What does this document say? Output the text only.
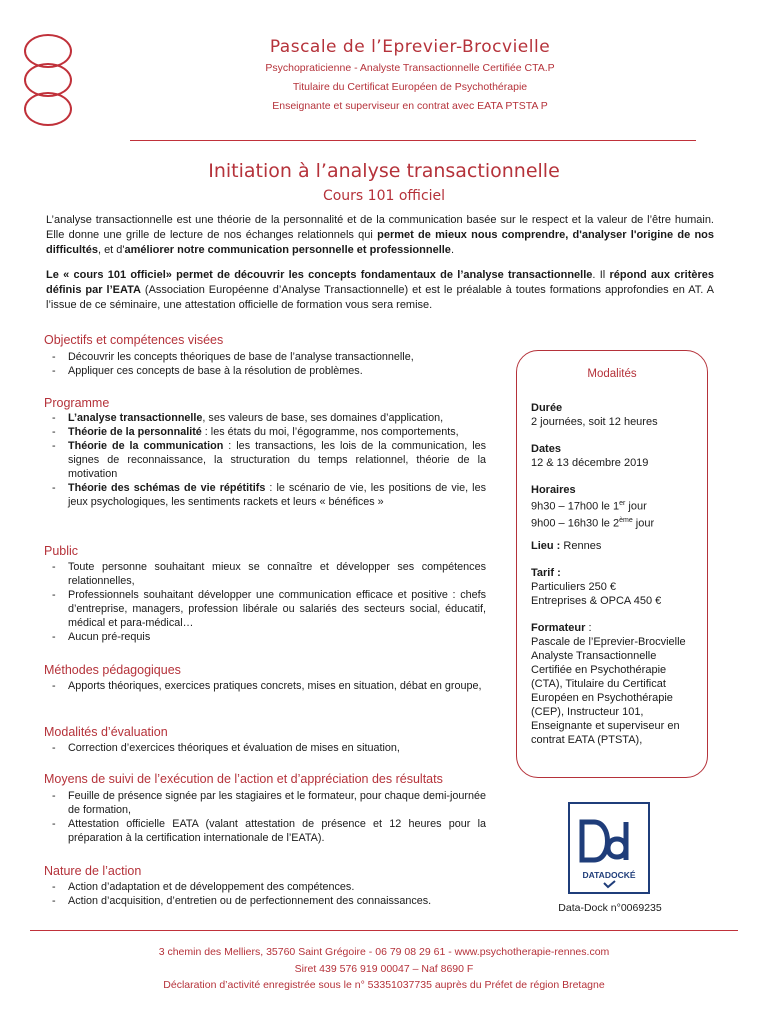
Pascale de l’Eprevier-Brocvielle
Psychopraticienne - Analyste Transactionnelle Certifiée CTA.P
Titulaire du Certificat Européen de Psychothérapie
Enseignante et superviseur en contrat avec EATA PTSTA P
Initiation à l’analyse transactionnelle
Cours 101 officiel

L’analyse transactionnelle est une théorie de la personnalité et de la communication basée sur le respect et la valeur de l’être humain. Elle donne une grille de lecture de nos échanges relationnels qui permet de mieux nous comprendre, d'analyser l'origine de nos difficultés, et d'améliorer notre communication personnelle et professionnelle.

Le « cours 101 officiel» permet de découvrir les concepts fondamentaux de l’analyse transactionnelle. Il répond aux critères définis par l’EATA (Association Européenne d’Analyse Transactionnelle) et est le préalable à toutes formations approfondies en AT. A l’issue de ce séminaire, une attestation officielle de formation vous sera remise.

Objectifs et compétences visées
- Découvrir les concepts théoriques de base de l’analyse transactionnelle,
- Appliquer ces concepts de base à la résolution de problèmes.
Programme
- L’analyse transactionnelle, ses valeurs de base, ses domaines d’application,
- Théorie de la personnalité : les états du moi, l’égogramme, nos comportements,
- Théorie de la communication : les transactions, les lois de la communication, les signes de reconnaissance, la structuration du temps relationnel, théorie de la motivation
- Théorie des schémas de vie répétitifs : le scénario de vie, les positions de vie, les jeux psychologiques, les sentiments rackets et leurs « bénéfices »
Public
- Toute personne souhaitant mieux se connaître et développer ses compétences relationnelles,
- Professionnels souhaitant développer une communication efficace et positive : chefs d’entreprise, managers, profession libérale ou salariés des secteurs social, éducatif, médical et para-médical…
- Aucun pré-requis
Méthodes pédagogiques
- Apports théoriques, exercices pratiques concrets, mises en situation, débat en groupe,
Modalités d’évaluation
- Correction d’exercices théoriques et évaluation de mises en situation,
Moyens de suivi de l’exécution de l’action et d’appréciation des résultats
- Feuille de présence signée par les stagiaires et le formateur, pour chaque demi-journée de formation,
- Attestation officielle EATA (valant attestation de présence et 12 heures pour la préparation à la certification internationale de l’EATA).
Nature de l’action
- Action d’adaptation et de développement des compétences.
- Action d’acquisition, d’entretien ou de perfectionnement des connaissances.
Modalités
Durée
2 journées, soit 12 heures
Dates
12 & 13 décembre 2019
Horaires
9h30 – 17h00 le 1er jour
9h00 – 16h30 le 2ème jour
Lieu : Rennes
Tarif :
Particuliers 250 €
Entreprises & OPCA 450 €
Formateur :
Pascale de l’Eprevier-Brocvielle Analyste Transactionnelle Certifiée en Psychothérapie (CTA), Titulaire du Certificat Européen en Psychothérapie (CEP), Instructeur 101, Enseignante et superviseur en contrat EATA (PTSTA),
DATADOCKÉ
Data-Dock n°0069235
3 chemin des Melliers, 35760 Saint Grégoire - 06 79 08 29 61 - www.psychotherapie-rennes.com
Siret 439 576 919 00047 – Naf 8690 F
Déclaration d’activité enregistrée sous le n° 53351037735 auprès du Préfet de région Bretagne
